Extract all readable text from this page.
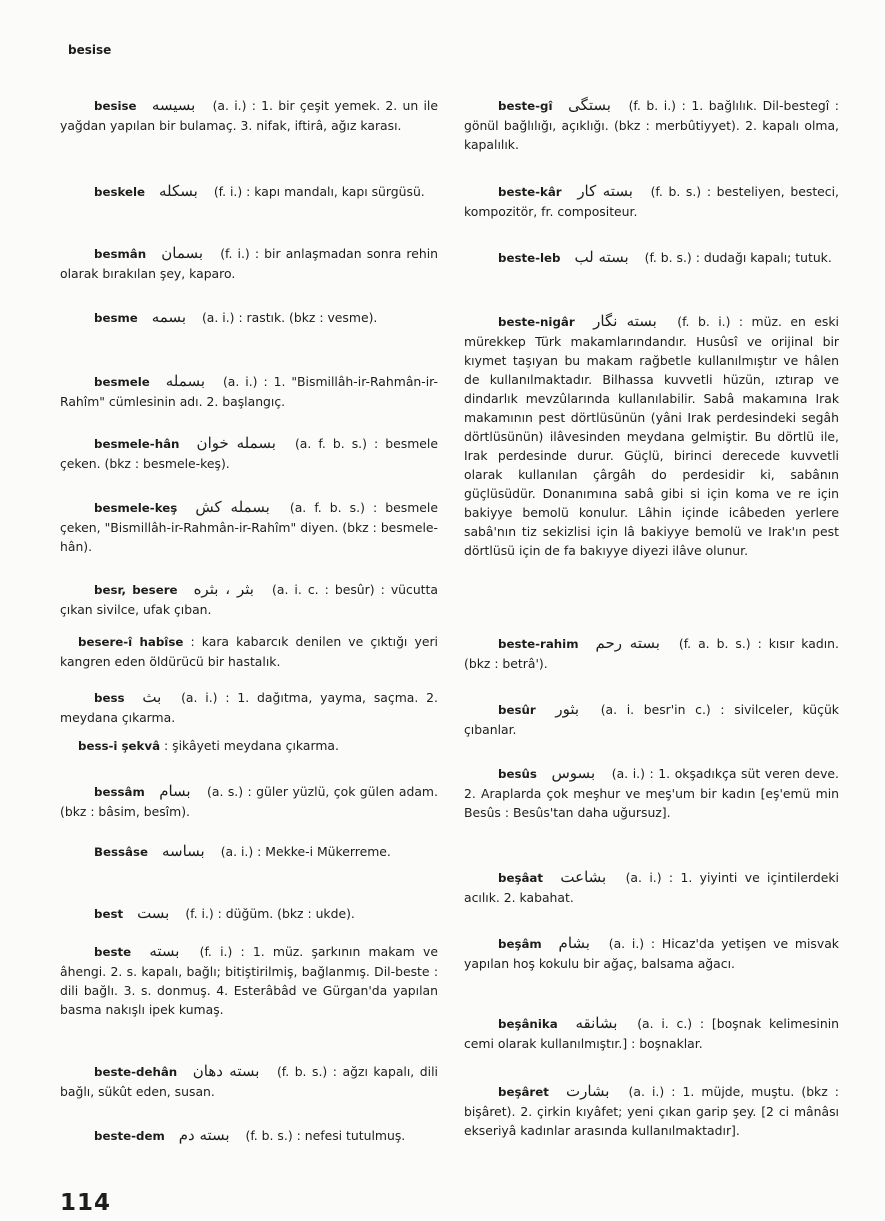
besise

besise بسيسه (a. i.) : 1. bir çeşit yemek. 2. un ile yağdan yapılan bir bulamaç. 3. nifak, iftirâ, ağız karası.

beskele بسكله (f. i.) : kapı mandalı, kapı sürgüsü.

besmân بسمان (f. i.) : bir anlaşmadan sonra rehin olarak bırakılan şey, kaparo.

besme بسمه (a. i.) : rastık. (bkz : vesme).

besmele بسمله (a. i.) : 1. "Bismillâh-ir-Rahmân-ir-Rahîm" cümlesinin adı. 2. başlangıç.

besmele-hân بسمله خوان (a. f. b. s.) : besmele çeken. (bkz : besmele-keş).

besmele-keş بسمله كش (a. f. b. s.) : besmele çeken, "Bismillâh-ir-Rahmân-ir-Rahîm" diyen. (bkz : besmele-hân).

besr, besere بثر ، بثره (a. i. c. : besûr) : vücutta çıkan sivilce, ufak çıban.

besere-î habîse : kara kabarcık denilen ve çıktığı yeri kangren eden öldürücü bir hastalık.

bess بث (a. i.) : 1. dağıtma, yayma, saçma. 2. meydana çıkarma.

bess-i şekvâ : şikâyeti meydana çıkarma.

bessâm بسام (a. s.) : güler yüzlü, çok gülen adam. (bkz : bâsim, besîm).

Bessâse بساسه (a. i.) : Mekke-i Mükerreme.

best بست (f. i.) : düğüm. (bkz : ukde).

beste بسته (f. i.) : 1. müz. şarkının makam ve âhengi. 2. s. kapalı, bağlı; bitiştirilmiş, bağlanmış. Dil-beste : dili bağlı. 3. s. donmuş. 4. Esterâbâd ve Gürgan'da yapılan basma nakışlı ipek kumaş.

beste-dehân بسته دهان (f. b. s.) : ağzı kapalı, dili bağlı, sükût eden, susan.

beste-dem بسته دم (f. b. s.) : nefesi tutulmuş.

beste-gî بستگى (f. b. i.) : 1. bağlılık. Dil-bestegî : gönül bağlılığı, açıklığı. (bkz : merbûtiyyet). 2. kapalı olma, kapalılık.

beste-kâr بسته كار (f. b. s.) : besteliyen, besteci, kompozitör, fr. compositeur.

beste-leb بسته لب (f. b. s.) : dudağı kapalı; tutuk.

beste-nigâr بسته نگار (f. b. i.) : müz. en eski mürekkep Türk makamlarındandır. Husûsî ve orijinal bir kıymet taşıyan bu makam rağbetle kullanılmıştır ve hâlen de kullanılmaktadır. Bilhassa kuvvetli hüzün, ıztırap ve dindarlık mevzûlarında kullanılabilir. Sabâ makamına Irak makamının pest dörtlüsünün (yâni Irak perdesindeki segâh dörtlüsünün) ilâvesinden meydana gelmiştir. Bu dörtlü ile, Irak perdesinde durur. Güçlü, birinci derecede kuvvetli olarak kullanılan çârgâh do perdesidir ki, sabânın güçlüsüdür. Donanımına sabâ gibi si için koma ve re için bakiyye bemolü konulur. Lâhin içinde icâbeden yerlere sabâ'nın tiz sekizlisi için lâ bakiyye bemolü ve Irak'ın pest dörtlüsü için de fa bakıyye diyezi ilâve olunur.

beste-rahim بسته رحم (f. a. b. s.) : kısır kadın. (bkz : betrâ').

besûr بثور (a. i. besr'in c.) : sivilceler, küçük çıbanlar.

besûs بسوس (a. i.) : 1. okşadıkça süt veren deve. 2. Araplarda çok meşhur ve meş'um bir kadın [eş'emü min Besûs : Besûs'tan daha uğursuz].

beşâat بشاعت (a. i.) : 1. yiyinti ve içintilerdeki acılık. 2. kabahat.

beşâm بشام (a. i.) : Hicaz'da yetişen ve misvak yapılan hoş kokulu bir ağaç, balsama ağacı.

beşânika بشانقه (a. i. c.) : [boşnak kelimesinin cemi olarak kullanılmıştır.] : boşnaklar.

beşâret بشارت (a. i.) : 1. müjde, muştu. (bkz : bişâret). 2. çirkin kıyâfet; yeni çıkan garip şey. [2 ci mânâsı ekseriyâ kadınlar arasında kullanılmaktadır].

114
